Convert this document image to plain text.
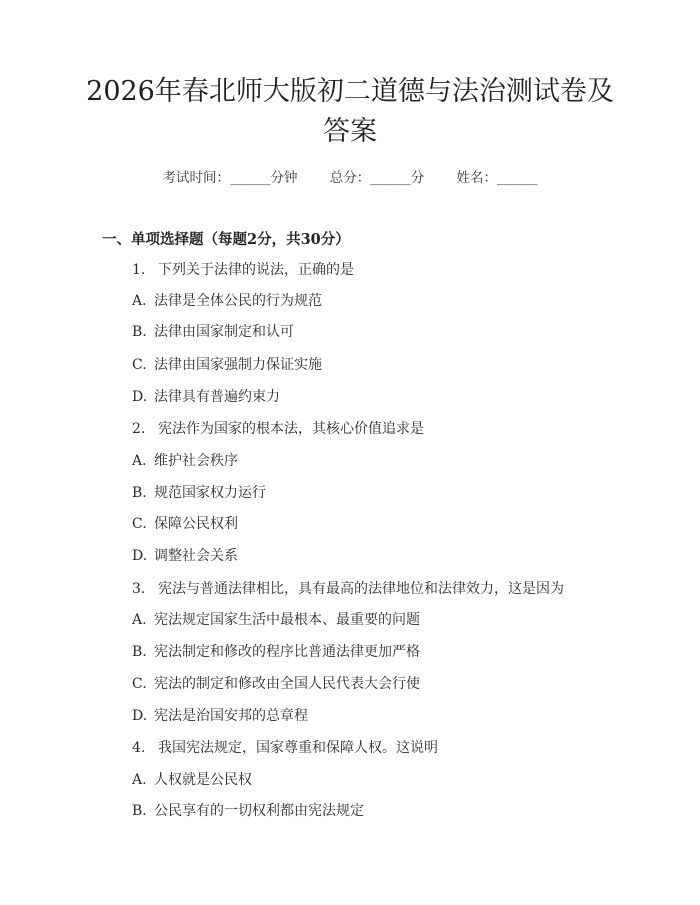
2026年春北师大版初二道德与法治测试卷及答案
考试时间：______分钟 总分：______分 姓名：______
一、单项选择题（每题2分，共30分）
1. 下列关于法律的说法，正确的是
A. 法律是全体公民的行为规范
B. 法律由国家制定和认可
C. 法律由国家强制力保证实施
D. 法律具有普遍约束力
2. 宪法作为国家的根本法，其核心价值追求是
A. 维护社会秩序
B. 规范国家权力运行
C. 保障公民权利
D. 调整社会关系
3. 宪法与普通法律相比，具有最高的法律地位和法律效力，这是因为
A. 宪法规定国家生活中最根本、最重要的问题
B. 宪法制定和修改的程序比普通法律更加严格
C. 宪法的制定和修改由全国人民代表大会行使
D. 宪法是治国安邦的总章程
4. 我国宪法规定，国家尊重和保障人权。这说明
A. 人权就是公民权
B. 公民享有的一切权利都由宪法规定
